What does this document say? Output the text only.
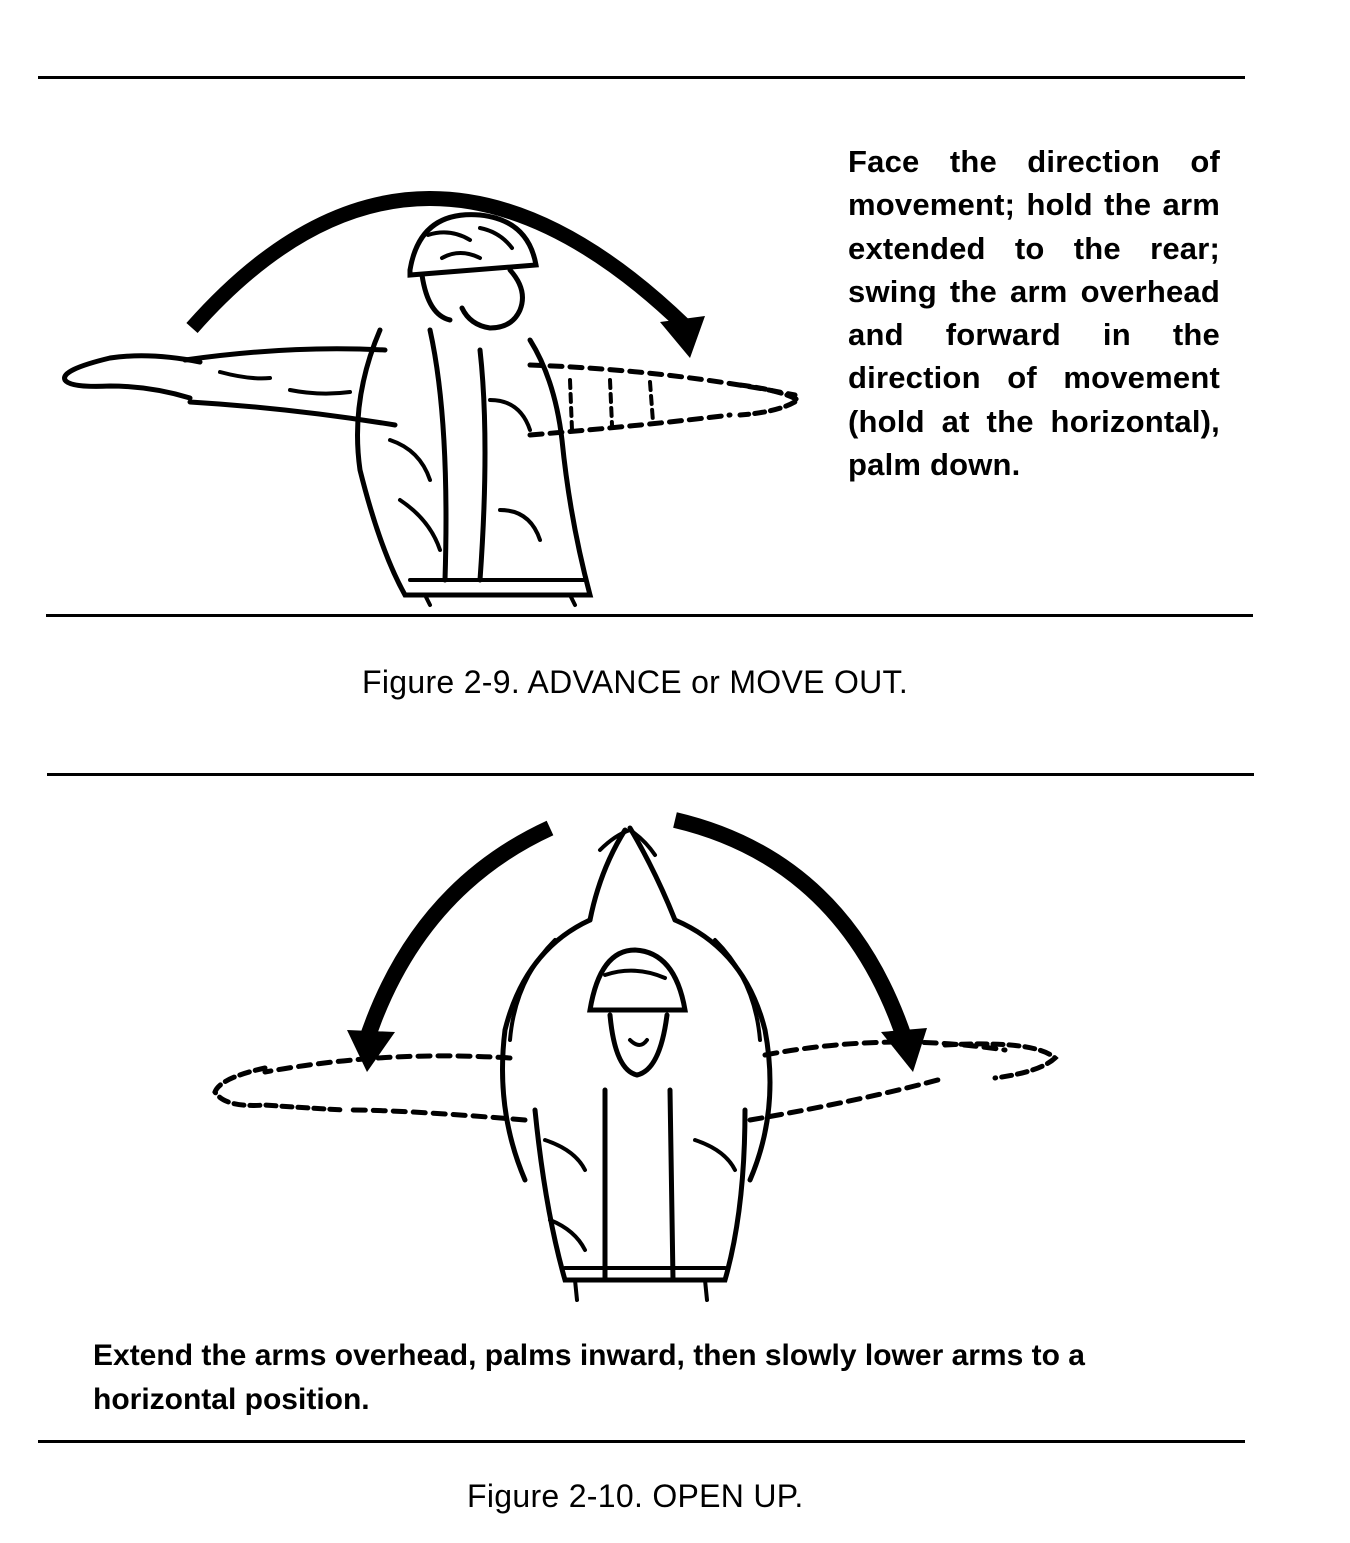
Face the direction of movement; hold the arm extended to the rear; swing the arm overhead and forward in the direction of movement (hold at the horizontal), palm down.
Figure 2-9. ADVANCE or MOVE OUT.
Extend the arms overhead, palms inward, then slowly lower arms to a horizontal position.
Figure 2-10. OPEN UP.
